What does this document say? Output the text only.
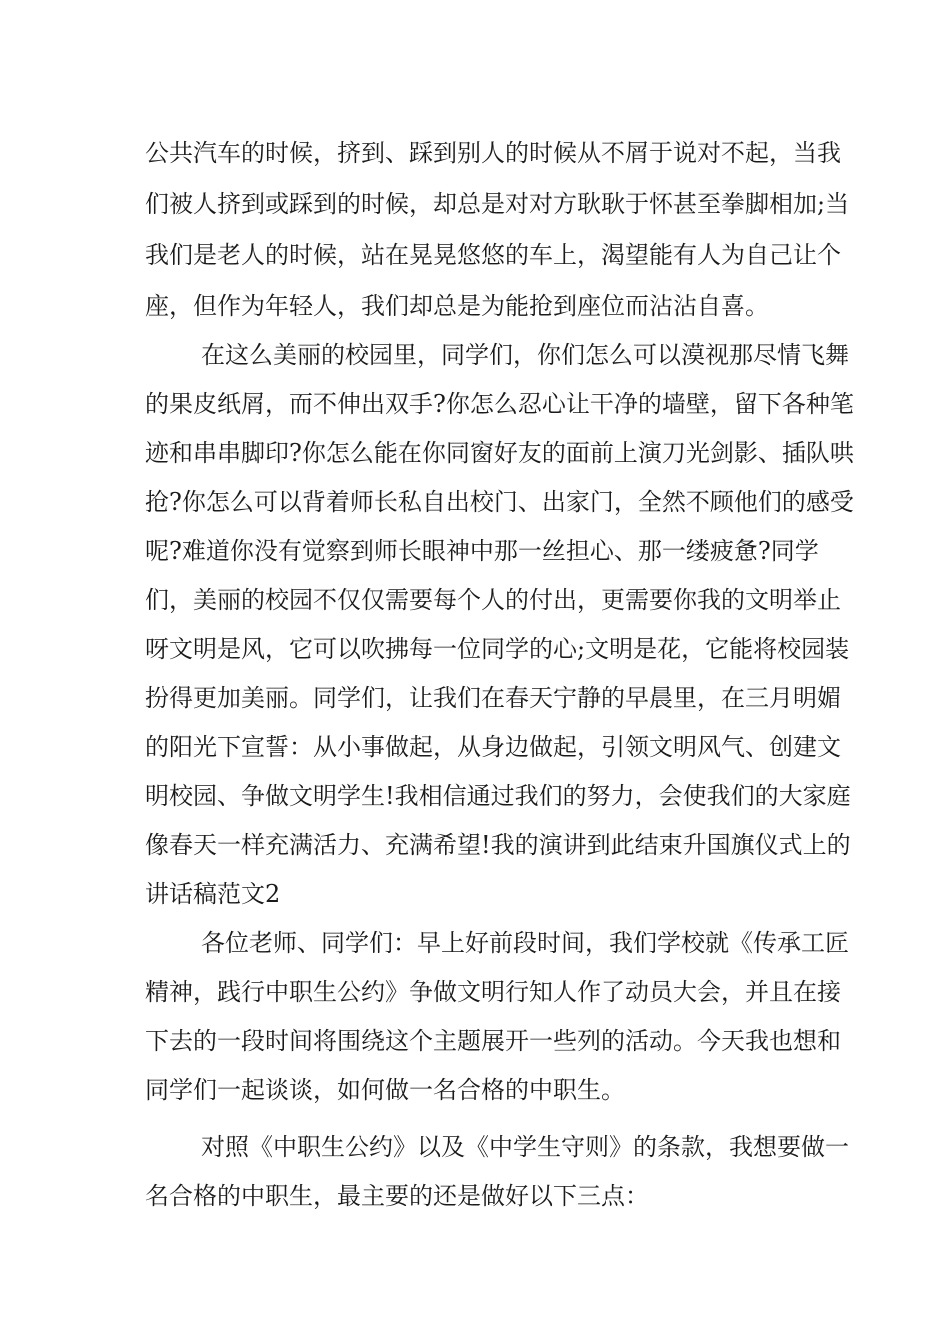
公共汽车的时候，挤到、踩到别人的时候从不屑于说对不起，当我
们被人挤到或踩到的时候，却总是对对方耿耿于怀甚至拳脚相加;当
我们是老人的时候，站在晃晃悠悠的车上，渴望能有人为自己让个
座，但作为年轻人，我们却总是为能抢到座位而沾沾自喜。
在这么美丽的校园里，同学们，你们怎么可以漠视那尽情飞舞
的果皮纸屑，而不伸出双手?你怎么忍心让干净的墙壁，留下各种笔
迹和串串脚印?你怎么能在你同窗好友的面前上演刀光剑影、插队哄
抢?你怎么可以背着师长私自出校门、出家门，全然不顾他们的感受
呢?难道你没有觉察到师长眼神中那一丝担心、那一缕疲惫?同学
们，美丽的校园不仅仅需要每个人的付出，更需要你我的文明举止
呀文明是风，它可以吹拂每一位同学的心;文明是花，它能将校园装
扮得更加美丽。同学们，让我们在春天宁静的早晨里，在三月明媚
的阳光下宣誓：从小事做起，从身边做起，引领文明风气、创建文
明校园、争做文明学生!我相信通过我们的努力，会使我们的大家庭
像春天一样充满活力、充满希望!我的演讲到此结束升国旗仪式上的
讲话稿范文2
各位老师、同学们：早上好前段时间，我们学校就《传承工匠
精神，践行中职生公约》争做文明行知人作了动员大会，并且在接
下去的一段时间将围绕这个主题展开一些列的活动。今天我也想和
同学们一起谈谈，如何做一名合格的中职生。
对照《中职生公约》以及《中学生守则》的条款，我想要做一
名合格的中职生，最主要的还是做好以下三点：
